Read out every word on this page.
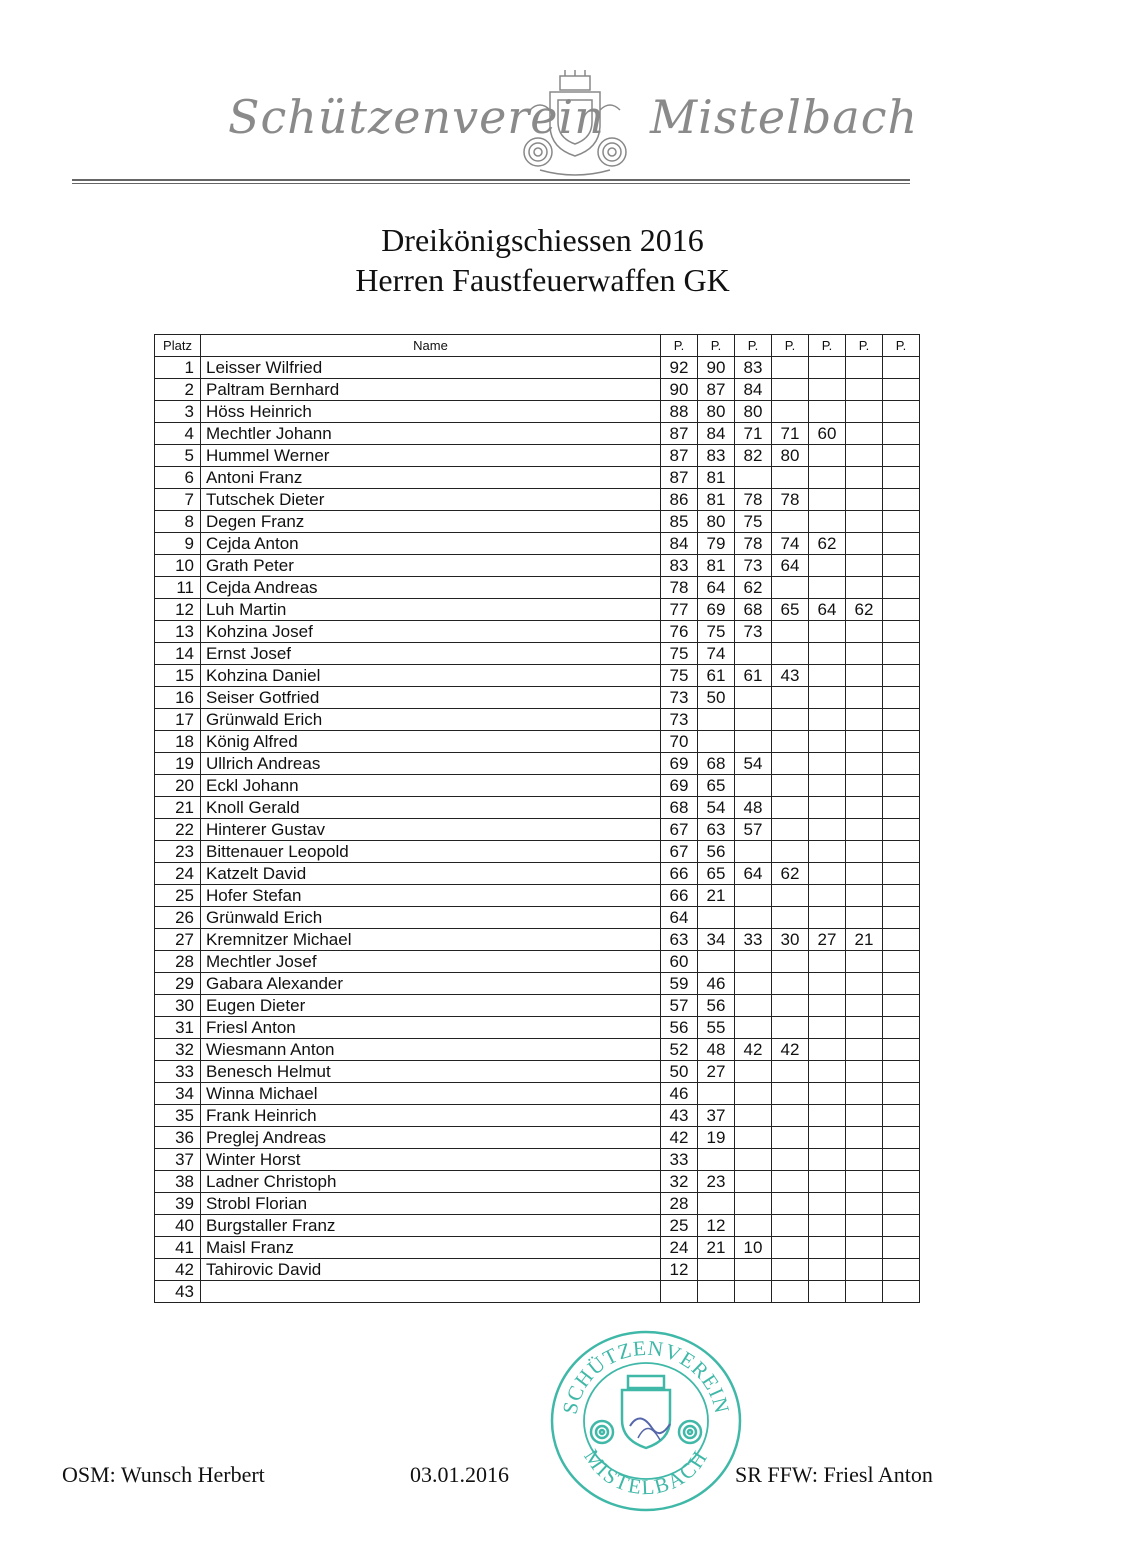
Schützenverein Mistelbach
Dreikönigschiessen 2016
Herren Faustfeuerwaffen GK
Platz	Name	P.	P.	P.	P.	P.	P.	P.
1	Leisser Wilfried	92	90	83				
2	Paltram Bernhard	90	87	84				
3	Höss Heinrich	88	80	80				
4	Mechtler Johann	87	84	71	71	60		
5	Hummel Werner	87	83	82	80			
6	Antoni Franz	87	81					
7	Tutschek Dieter	86	81	78	78			
8	Degen Franz	85	80	75				
9	Cejda Anton	84	79	78	74	62		
10	Grath Peter	83	81	73	64			
11	Cejda Andreas	78	64	62				
12	Luh Martin	77	69	68	65	64	62	
13	Kohzina Josef	76	75	73				
14	Ernst Josef	75	74					
15	Kohzina Daniel	75	61	61	43			
16	Seiser Gotfried	73	50					
17	Grünwald Erich	73						
18	König Alfred	70						
19	Ullrich Andreas	69	68	54				
20	Eckl Johann	69	65					
21	Knoll Gerald	68	54	48				
22	Hinterer Gustav	67	63	57				
23	Bittenauer Leopold	67	56					
24	Katzelt David	66	65	64	62			
25	Hofer Stefan	66	21					
26	Grünwald Erich	64						
27	Kremnitzer Michael	63	34	33	30	27	21	
28	Mechtler Josef	60						
29	Gabara Alexander	59	46					
30	Eugen Dieter	57	56					
31	Friesl Anton	56	55					
32	Wiesmann Anton	52	48	42	42			
33	Benesch Helmut	50	27					
34	Winna Michael	46						
35	Frank Heinrich	43	37					
36	Preglej Andreas	42	19					
37	Winter Horst	33						
38	Ladner Christoph	32	23					
39	Strobl Florian	28						
40	Burgstaller Franz	25	12					
41	Maisl Franz	24	21	10				
42	Tahirovic David	12						
43								
SCHÜTZENVEREIN
MISTELBACH
OSM: Wunsch Herbert	03.01.2016	SR FFW: Friesl Anton
